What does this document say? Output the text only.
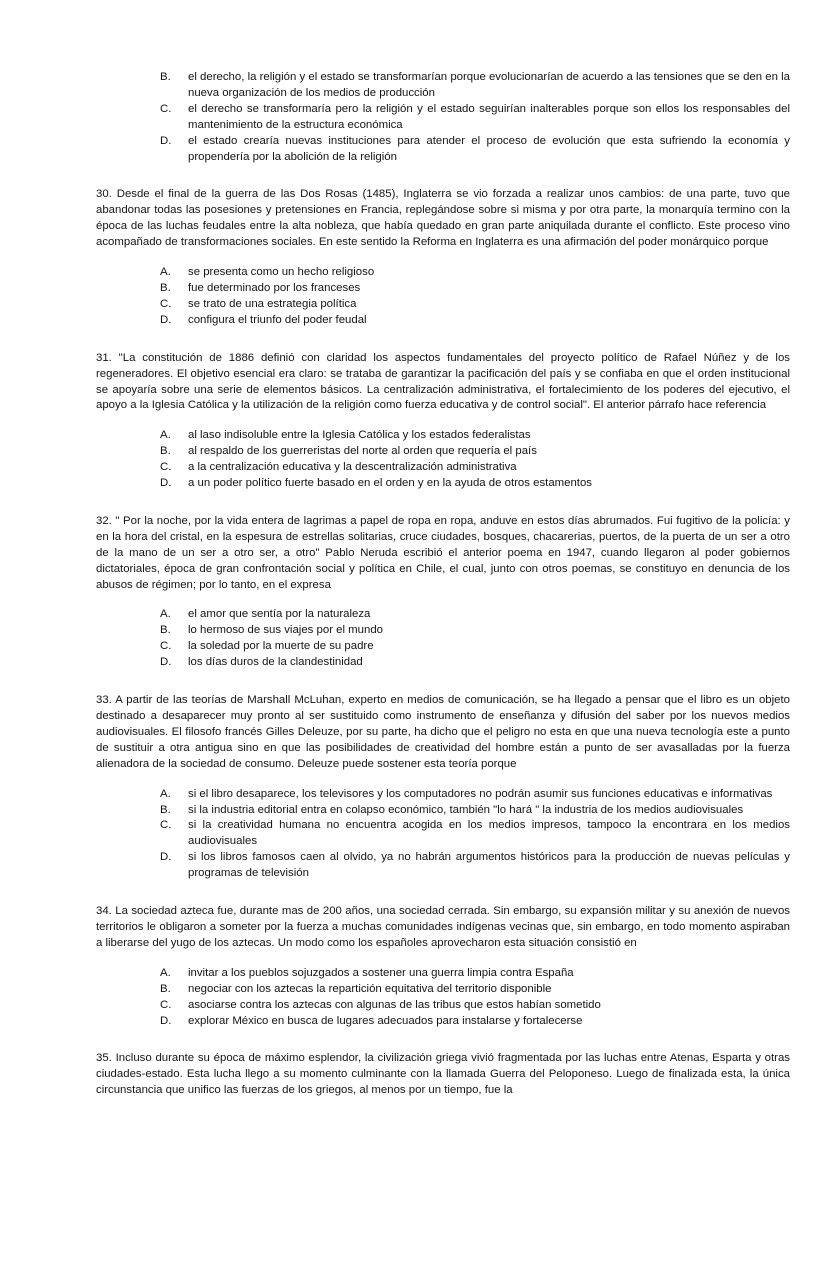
B.	el derecho, la religión y el estado se transformarían porque evolucionarían de acuerdo a las tensiones que se den en la nueva organización de los medios de producción
C.	el derecho se transformaría pero la religión y el estado seguirían inalterables porque son ellos los responsables del mantenimiento de la estructura económica
D.	el estado crearía nuevas instituciones para atender el proceso de evolución que esta sufriendo la economía y propendería por la abolición de la religión

30. Desde el final de la guerra de las Dos Rosas (1485), Inglaterra se vio forzada a realizar unos cambios: de una parte, tuvo que abandonar todas las posesiones y pretensiones en Francia, replegándose sobre si misma y por otra parte, la monarquía termino con la época de las luchas feudales entre la alta nobleza, que había quedado en gran parte aniquilada durante el conflicto. Este proceso vino acompañado de transformaciones sociales. En este sentido la Reforma en Inglaterra es una afirmación del poder monárquico porque

A.	se presenta como un hecho religioso
B.	fue determinado por los franceses
C.	se trato de una estrategia política
D.	configura el triunfo del poder feudal

31. "La constitución de 1886 definió con claridad los aspectos fundamentales del proyecto político de Rafael Núñez y de los regeneradores. El objetivo esencial era claro: se trataba de garantizar la pacificación del país y se confiaba en que el orden institucional se apoyaría sobre una serie de elementos básicos. La centralización administrativa, el fortalecimiento de los poderes del ejecutivo, el apoyo a la Iglesia Católica y la utilización de la religión como fuerza educativa y de control social". El anterior párrafo hace referencia

A.	al laso indisoluble entre la Iglesia Católica y los estados federalistas
B.	al respaldo de los guerreristas del norte al orden que requería el país
C.	a la centralización educativa y la descentralización administrativa
D.	a un poder político fuerte basado en el orden y en la ayuda de otros estamentos

32. " Por la noche, por la vida entera de lagrimas a papel de ropa en ropa, anduve en estos días abrumados. Fui fugitivo de la policía: y en la hora del cristal, en la espesura de estrellas solitarias, cruce ciudades, bosques, chacarerias, puertos, de la puerta de un ser a otro de la mano de un ser a otro ser, a otro" Pablo Neruda escribió el anterior poema en 1947, cuando llegaron al poder gobiernos dictatoriales, época de gran confrontación social y política en Chile, el cual, junto con otros poemas, se constituyo en denuncia de los abusos de régimen; por lo tanto, en el expresa

A.	el amor que sentía por la naturaleza
B.	lo hermoso de sus viajes por el mundo
C.	la soledad por la muerte de su padre
D.	los días duros de la clandestinidad

33. A partir de las teorías de Marshall McLuhan, experto en medios de comunicación, se ha llegado a pensar que el libro es un objeto destinado a desaparecer muy pronto al ser sustituido como instrumento de enseñanza y difusión del saber por los nuevos medios audiovisuales. El filosofo francés Gilles Deleuze, por su parte, ha dicho que el peligro no esta en que una nueva tecnología este a punto de sustituir a otra antigua sino en que las posibilidades de creatividad del hombre están a punto de ser avasalladas por la fuerza alienadora de la sociedad de consumo. Deleuze puede sostener esta teoría porque

A.	si el libro desaparece, los televisores y los computadores no podrán asumir sus funciones educativas e informativas
B.	si la industria editorial entra en colapso económico, también "lo hará " la industria de los medios audiovisuales
C.	si la creatividad humana no encuentra acogida en los medios impresos, tampoco la encontrara en los medios audiovisuales
D.	si los libros famosos caen al olvido, ya no habrán argumentos históricos para la producción de nuevas películas y programas de televisión

34. La sociedad azteca fue, durante mas de 200 años, una sociedad cerrada. Sin embargo, su expansión militar y su anexión de nuevos territorios le obligaron a someter por la fuerza a muchas comunidades indígenas vecinas que, sin embargo, en todo momento aspiraban a liberarse del yugo de los aztecas. Un modo como los españoles aprovecharon esta situación consistió en

A.	invitar a los pueblos sojuzgados a sostener una guerra limpia contra España
B.	negociar con los aztecas la repartición equitativa del territorio disponible
C.	asociarse contra los aztecas con algunas de las tribus que estos habían sometido
D.	explorar México en busca de lugares adecuados para instalarse y fortalecerse

35. Incluso durante su época de máximo esplendor, la civilización griega vivió fragmentada por las luchas entre Atenas, Esparta y otras ciudades-estado. Esta lucha llego a su momento culminante con la llamada Guerra del Peloponeso. Luego de finalizada esta, la única circunstancia que unifico las fuerzas de los griegos, al menos por un tiempo, fue la
